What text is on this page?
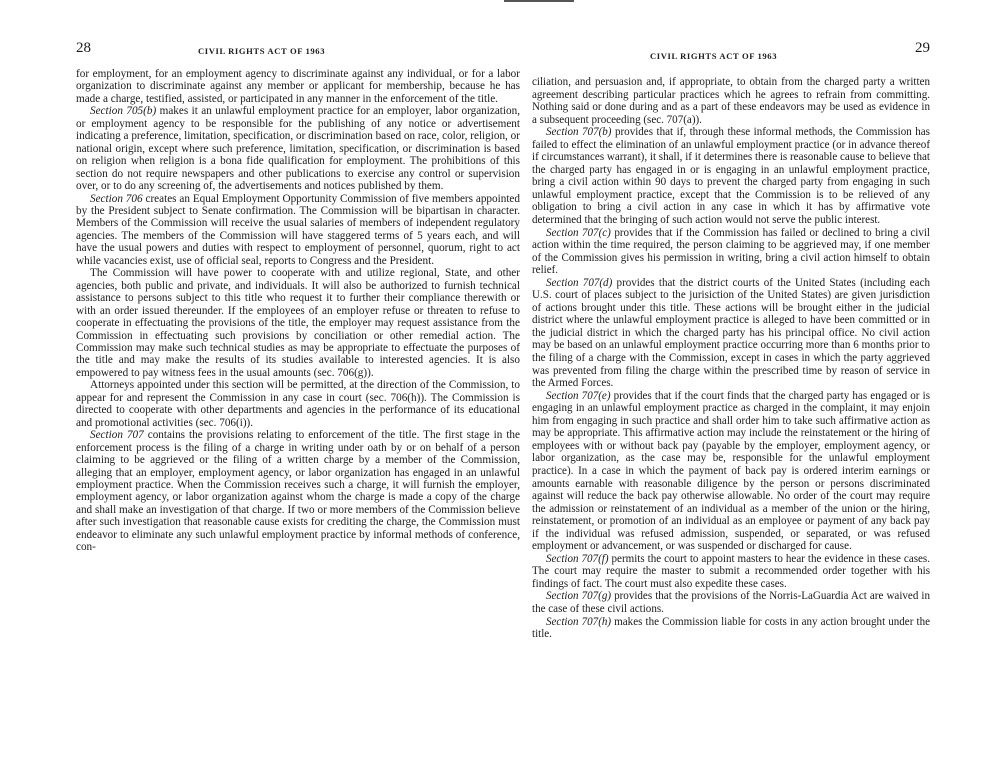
28	CIVIL RIGHTS ACT OF 1963

for employment, for an employment agency to discriminate against any individual, or for a labor organization to discriminate against any member or applicant for membership, because he has made a charge, testified, assisted, or participated in any manner in the enforcement of the title.

Section 705(b) makes it an unlawful employment practice for an employer, labor organization, or employment agency to be responsible for the publishing of any notice or advertisement indicating a preference, limitation, specification, or discrimination based on race, color, religion, or national origin, except where such preference, limitation, specification, or discrimination is based on religion when religion is a bona fide qualification for employment. The prohibitions of this section do not require newspapers and other publications to exercise any control or supervision over, or to do any screening of, the advertisements and notices published by them.

Section 706 creates an Equal Employment Opportunity Commission of five members appointed by the President subject to Senate confirmation. The Commission will be bipartisan in character. Members of the Commission will receive the usual salaries of members of independent regulatory agencies. The members of the Commission will have staggered terms of 5 years each, and will have the usual powers and duties with respect to employment of personnel, quorum, right to act while vacancies exist, use of official seal, reports to Congress and the President.

The Commission will have power to cooperate with and utilize regional, State, and other agencies, both public and private, and individuals. It will also be authorized to furnish technical assistance to persons subject to this title who request it to further their compliance therewith or with an order issued thereunder. If the employees of an employer refuse or threaten to refuse to cooperate in effectuating the provisions of the title, the employer may request assistance from the Commission in effectuating such provisions by conciliation or other remedial action. The Commission may make such technical studies as may be appropriate to effectuate the purposes of the title and may make the results of its studies available to interested agencies. It is also empowered to pay witness fees in the usual amounts (sec. 706(g)).

Attorneys appointed under this section will be permitted, at the direction of the Commission, to appear for and represent the Commission in any case in court (sec. 706(h)). The Commission is directed to cooperate with other departments and agencies in the performance of its educational and promotional activities (sec. 706(i)).

Section 707 contains the provisions relating to enforcement of the title. The first stage in the enforcement process is the filing of a charge in writing under oath by or on behalf of a person claiming to be aggrieved or the filing of a written charge by a member of the Commission, alleging that an employer, employment agency, or labor organization has engaged in an unlawful employment practice. When the Commission receives such a charge, it will furnish the employer, employment agency, or labor organization against whom the charge is made a copy of the charge and shall make an investigation of that charge. If two or more members of the Commission believe after such investigation that reasonable cause exists for crediting the charge, the Commission must endeavor to eliminate any such unlawful employment practice by informal methods of conference, con-

CIVIL RIGHTS ACT OF 1963	29

ciliation, and persuasion and, if appropriate, to obtain from the charged party a written agreement describing particular practices which he agrees to refrain from committing. Nothing said or done during and as a part of these endeavors may be used as evidence in a subsequent proceeding (sec. 707(a)).

Section 707(b) provides that if, through these informal methods, the Commission has failed to effect the elimination of an unlawful employment practice (or in advance thereof if circumstances warrant), it shall, if it determines there is reasonable cause to believe that the charged party has engaged in or is engaging in an unlawful employment practice, bring a civil action within 90 days to prevent the charged party from engaging in such unlawful employment practice, except that the Commission is to be relieved of any obligation to bring a civil action in any case in which it has by affirmative vote determined that the bringing of such action would not serve the public interest.

Section 707(c) provides that if the Commission has failed or declined to bring a civil action within the time required, the person claiming to be aggrieved may, if one member of the Commission gives his permission in writing, bring a civil action himself to obtain relief.

Section 707(d) provides that the district courts of the United States (including each U.S. court of places subject to the jurisiction of the United States) are given jurisdiction of actions brought under this title. These actions will be brought either in the judicial district where the unlawful employment practice is alleged to have been committed or in the judicial district in which the charged party has his principal office. No civil action may be based on an unlawful employment practice occurring more than 6 months prior to the filing of a charge with the Commission, except in cases in which the party aggrieved was prevented from filing the charge within the prescribed time by reason of service in the Armed Forces.

Section 707(e) provides that if the court finds that the charged party has engaged or is engaging in an unlawful employment practice as charged in the complaint, it may enjoin him from engaging in such practice and shall order him to take such affirmative action as may be appropriate. This affirmative action may include the reinstatement or the hiring of employees with or without back pay (payable by the employer, employment agency, or labor organization, as the case may be, responsible for the unlawful employment practice). In a case in which the payment of back pay is ordered interim earnings or amounts earnable with reasonable diligence by the person or persons discriminated against will reduce the back pay otherwise allowable. No order of the court may require the admission or reinstatement of an individual as a member of the union or the hiring, reinstatement, or promotion of an individual as an employee or payment of any back pay if the individual was refused admission, suspended, or separated, or was refused employment or advancement, or was suspended or discharged for cause.

Section 707(f) permits the court to appoint masters to hear the evidence in these cases. The court may require the master to submit a recommended order together with his findings of fact. The court must also expedite these cases.

Section 707(g) provides that the provisions of the Norris-LaGuardia Act are waived in the case of these civil actions.

Section 707(h) makes the Commission liable for costs in any action brought under the title.
